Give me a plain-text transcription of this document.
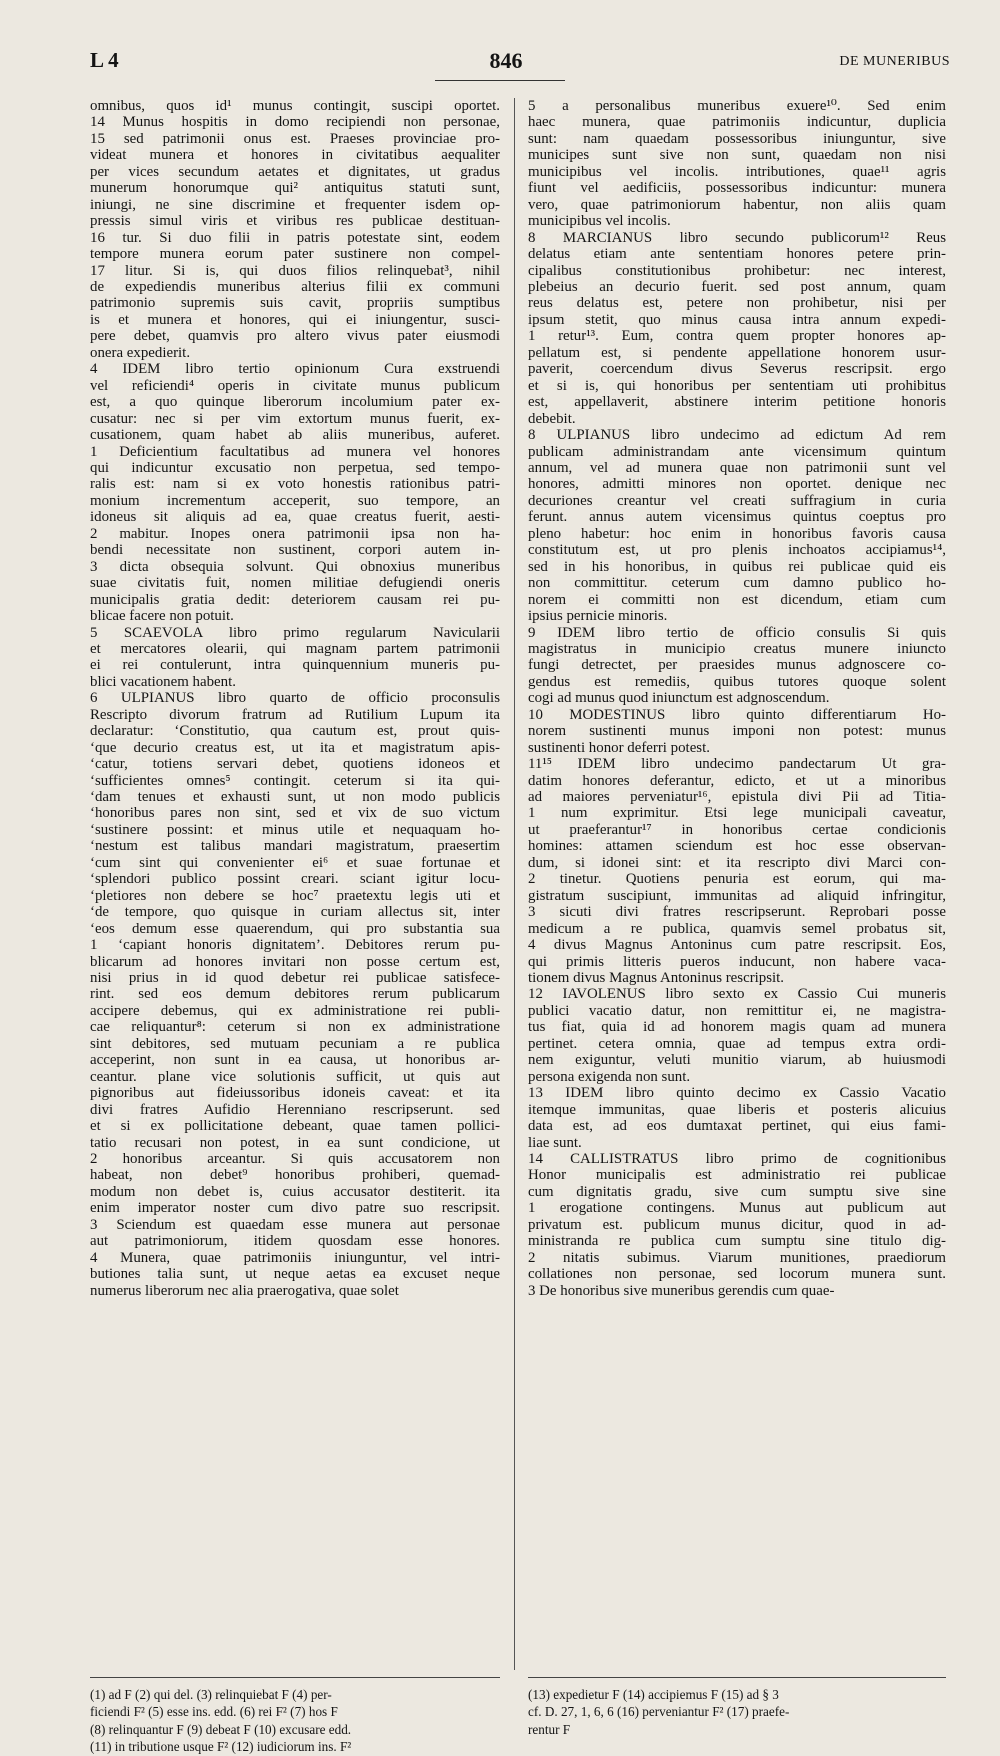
L 4	846	DE MUNERIBUS
omnibus, quos id¹ munus contingit, suscipi oportet.
14 Munus hospitis in domo recipiendi non personae,
15 sed patrimonii onus est. Praeses provinciae pro-
videat munera et honores in civitatibus aequaliter
per vices secundum aetates et dignitates, ut gradus
munerum honorumque qui² antiquitus statuti sunt,
iniungi, ne sine discrimine et frequenter isdem op-
pressis simul viris et viribus res publicae destituan-
16 tur. Si duo filii in patris potestate sint, eodem
tempore munera eorum pater sustinere non compel-
17 litur. Si is, qui duos filios relinquebat³, nihil
de expediendis muneribus alterius filii ex communi
patrimonio supremis suis cavit, propriis sumptibus
is et munera et honores, qui ei iniungentur, susci-
pere debet, quamvis pro altero vivus pater eiusmodi
onera expedierit.
4 IDEM libro tertio opinionum Cura exstruendi
vel reficiendi⁴ operis in civitate munus publicum
est, a quo quinque liberorum incolumium pater ex-
cusatur: nec si per vim extortum munus fuerit, ex-
cusationem, quam habet ab aliis muneribus, auferet.
1 Deficientium facultatibus ad munera vel honores
qui indicuntur excusatio non perpetua, sed tempo-
ralis est: nam si ex voto honestis rationibus patri-
monium incrementum acceperit, suo tempore, an
idoneus sit aliquis ad ea, quae creatus fuerit, aesti-
2 mabitur. Inopes onera patrimonii ipsa non ha-
bendi necessitate non sustinent, corpori autem in-
3 dicta obsequia solvunt. Qui obnoxius muneribus
suae civitatis fuit, nomen militiae defugiendi oneris
municipalis gratia dedit: deteriorem causam rei pu-
blicae facere non potuit.
5 SCAEVOLA libro primo regularum Navicularii
et mercatores olearii, qui magnam partem patrimonii
ei rei contulerunt, intra quinquennium muneris pu-
blici vacationem habent.
6 ULPIANUS libro quarto de officio proconsulis
Rescripto divorum fratrum ad Rutilium Lupum ita
declaratur: ‘Constitutio, qua cautum est, prout quis-
‘que decurio creatus est, ut ita et magistratum apis-
‘catur, totiens servari debet, quotiens idoneos et
‘sufficientes omnes⁵ contingit. ceterum si ita qui-
‘dam tenues et exhausti sunt, ut non modo publicis
‘honoribus pares non sint, sed et vix de suo victum
‘sustinere possint: et minus utile et nequaquam ho-
‘nestum est talibus mandari magistratum, praesertim
‘cum sint qui convenienter ei⁶ et suae fortunae et
‘splendori publico possint creari. sciant igitur locu-
‘pletiores non debere se hoc⁷ praetextu legis uti et
‘de tempore, quo quisque in curiam allectus sit, inter
‘eos demum esse quaerendum, qui pro substantia sua
1 ‘capiant honoris dignitatem’. Debitores rerum pu-
blicarum ad honores invitari non posse certum est,
nisi prius in id quod debetur rei publicae satisfece-
rint. sed eos demum debitores rerum publicarum
accipere debemus, qui ex administratione rei publi-
cae reliquantur⁸: ceterum si non ex administratione
sint debitores, sed mutuam pecuniam a re publica
acceperint, non sunt in ea causa, ut honoribus ar-
ceantur. plane vice solutionis sufficit, ut quis aut
pignoribus aut fideiussoribus idoneis caveat: et ita
divi fratres Aufidio Herenniano rescripserunt. sed
et si ex pollicitatione debeant, quae tamen pollici-
tatio recusari non potest, in ea sunt condicione, ut
2 honoribus arceantur. Si quis accusatorem non
habeat, non debet⁹ honoribus prohiberi, quemad-
modum non debet is, cuius accusator destiterit. ita
enim imperator noster cum divo patre suo rescripsit.
3 Sciendum est quaedam esse munera aut personae
aut patrimoniorum, itidem quosdam esse honores.
4 Munera, quae patrimoniis iniunguntur, vel intri-
butiones talia sunt, ut neque aetas ea excuset neque
numerus liberorum nec alia praerogativa, quae solet
5 a personalibus muneribus exuere¹⁰. Sed enim
haec munera, quae patrimoniis indicuntur, duplicia
sunt: nam quaedam possessoribus iniunguntur, sive
municipes sunt sive non sunt, quaedam non nisi
municipibus vel incolis. intributiones, quae¹¹ agris
fiunt vel aedificiis, possessoribus indicuntur: munera
vero, quae patrimoniorum habentur, non aliis quam
municipibus vel incolis.
8 MARCIANUS libro secundo publicorum¹² Reus
delatus etiam ante sententiam honores petere prin-
cipalibus constitutionibus prohibetur: nec interest,
plebeius an decurio fuerit. sed post annum, quam
reus delatus est, petere non prohibetur, nisi per
ipsum stetit, quo minus causa intra annum expedi-
1 retur¹³. Eum, contra quem propter honores ap-
pellatum est, si pendente appellatione honorem usur-
paverit, coercendum divus Severus rescripsit. ergo
et si is, qui honoribus per sententiam uti prohibitus
est, appellaverit, abstinere interim petitione honoris
debebit.
8 ULPIANUS libro undecimo ad edictum Ad rem
publicam administrandam ante vicensimum quintum
annum, vel ad munera quae non patrimonii sunt vel
honores, admitti minores non oportet. denique nec
decuriones creantur vel creati suffragium in curia
ferunt. annus autem vicensimus quintus coeptus pro
pleno habetur: hoc enim in honoribus favoris causa
constitutum est, ut pro plenis inchoatos accipiamus¹⁴,
sed in his honoribus, in quibus rei publicae quid eis
non committitur. ceterum cum damno publico ho-
norem ei committi non est dicendum, etiam cum
ipsius pernicie minoris.
9 IDEM libro tertio de officio consulis Si quis
magistratus in municipio creatus munere iniuncto
fungi detrectet, per praesides munus adgnoscere co-
gendus est remediis, quibus tutores quoque solent
cogi ad munus quod iniunctum est adgnoscendum.
10 MODESTINUS libro quinto differentiarum Ho-
norem sustinenti munus imponi non potest: munus
sustinenti honor deferri potest.
11¹⁵ IDEM libro undecimo pandectarum Ut gra-
datim honores deferantur, edicto, et ut a minoribus
ad maiores perveniatur¹⁶, epistula divi Pii ad Titia-
1 num exprimitur. Etsi lege municipali caveatur,
ut praeferantur¹⁷ in honoribus certae condicionis
homines: attamen sciendum est hoc esse observan-
dum, si idonei sint: et ita rescripto divi Marci con-
2 tinetur. Quotiens penuria est eorum, qui ma-
gistratum suscipiunt, immunitas ad aliquid infringitur,
3 sicuti divi fratres rescripserunt. Reprobari posse
medicum a re publica, quamvis semel probatus sit,
4 divus Magnus Antoninus cum patre rescripsit. Eos,
qui primis litteris pueros inducunt, non habere vaca-
tionem divus Magnus Antoninus rescripsit.
12 IAVOLENUS libro sexto ex Cassio Cui muneris
publici vacatio datur, non remittitur ei, ne magistra-
tus fiat, quia id ad honorem magis quam ad munera
pertinet. cetera omnia, quae ad tempus extra ordi-
nem exiguntur, veluti munitio viarum, ab huiusmodi
persona exigenda non sunt.
13 IDEM libro quinto decimo ex Cassio Vacatio
itemque immunitas, quae liberis et posteris alicuius
data est, ad eos dumtaxat pertinet, qui eius fami-
liae sunt.
14 CALLISTRATUS libro primo de cognitionibus
Honor municipalis est administratio rei publicae
cum dignitatis gradu, sive cum sumptu sive sine
1 erogatione contingens. Munus aut publicum aut
privatum est. publicum munus dicitur, quod in ad-
ministranda re publica cum sumptu sine titulo dig-
2 nitatis subimus. Viarum munitiones, praediorum
collationes non personae, sed locorum munera sunt.
3 De honoribus sive muneribus gerendis cum quae-
(1) ad F (2) qui del. (3) relinquiebat F (4) per-
ficiendi F² (5) esse ins. edd. (6) rei F² (7) hos F
(8) relinquantur F (9) debeat F (10) excusare edd.
(11) in tributione usque F² (12) iudiciorum ins. F²
(13) expedietur F (14) accipiemus F (15) ad § 3
cf. D. 27, 1, 6, 6 (16) perveniantur F² (17) praefe-
rentur F
